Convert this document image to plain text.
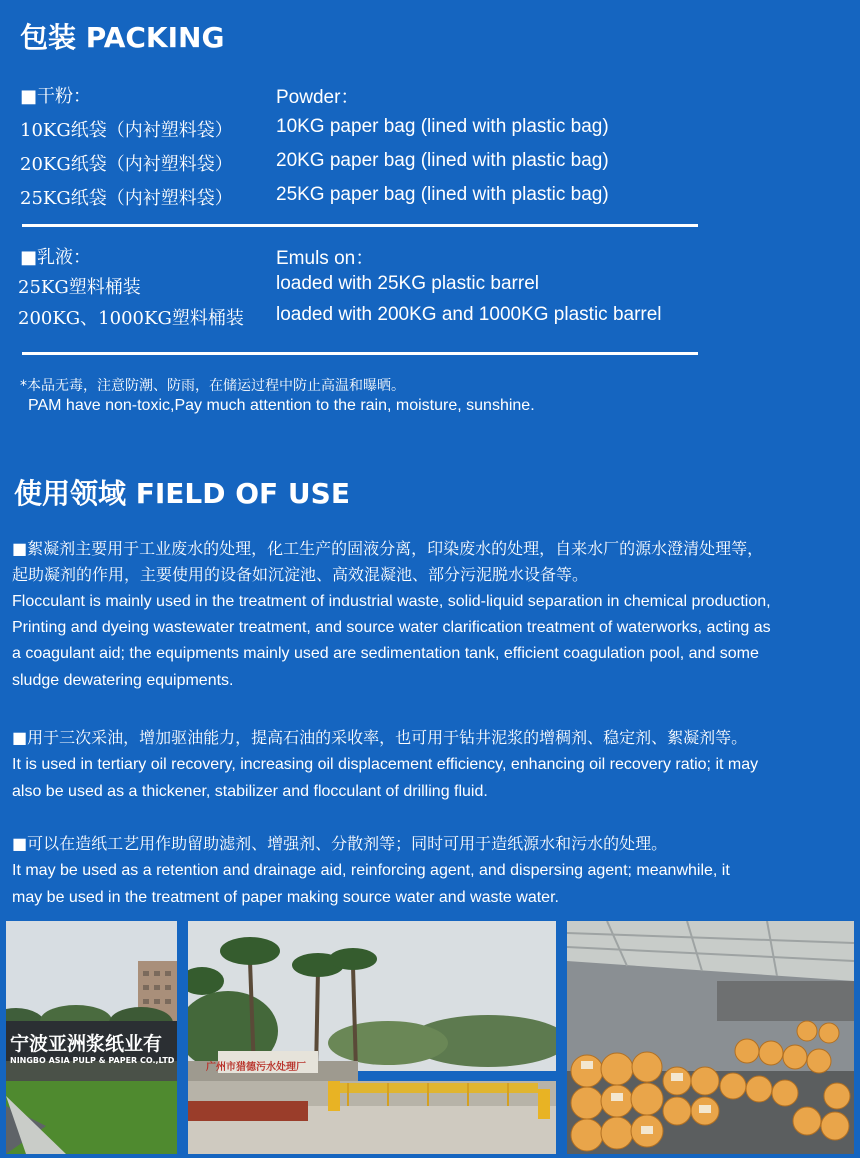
包装 PACKING
■干粉：	Powder：
10KG纸袋（内衬塑料袋） 10KG paper bag (lined with plastic bag)
20KG纸袋（内衬塑料袋） 20KG paper bag (lined with plastic bag)
25KG纸袋（内衬塑料袋） 25KG paper bag (lined with plastic bag)
■乳液：	Emuls on：
25KG塑料桶装	loaded with 25KG plastic barrel
200KG、1000KG塑料桶装 loaded with 200KG and 1000KG plastic barrel
*本品无毒，注意防潮、防雨，在储运过程中防止高温和曝晒。
PAM have non-toxic,Pay much attention to the rain, moisture, sunshine.
使用领域 FIELD OF USE
■絮凝剂主要用于工业废水的处理，化工生产的固液分离，印染废水的处理，自来水厂的源水澄清处理等，
起助凝剂的作用，主要使用的设备如沉淀池、高效混凝池、部分污泥脱水设备等。
Flocculant is mainly used in the treatment of industrial waste, solid-liquid separation in chemical production,
Printing and dyeing wastewater treatment, and source water clarification treatment of waterworks, acting as
a coagulant aid; the equipments mainly used are sedimentation tank, efficient coagulation pool, and some
sludge dewatering equipments.
■用于三次采油，增加驱油能力，提高石油的采收率，也可用于钻井泥浆的增稠剂、稳定剂、絮凝剂等。
It is used in tertiary oil recovery, increasing oil displacement efficiency, enhancing oil recovery ratio; it may
also be used as a thickener, stabilizer and flocculant of drilling fluid.
■可以在造纸工艺用作助留助滤剂、增强剂、分散剂等；同时可用于造纸源水和污水的处理。
It may be used as a retention and drainage aid, reinforcing agent, and dispersing agent; meanwhile, it
may be used in the treatment of paper making source water and waste water.
宁波亚洲浆纸业有
NINGBO ASIA PULP & PAPER CO.,LTD
广州市猎德污水处理厂
